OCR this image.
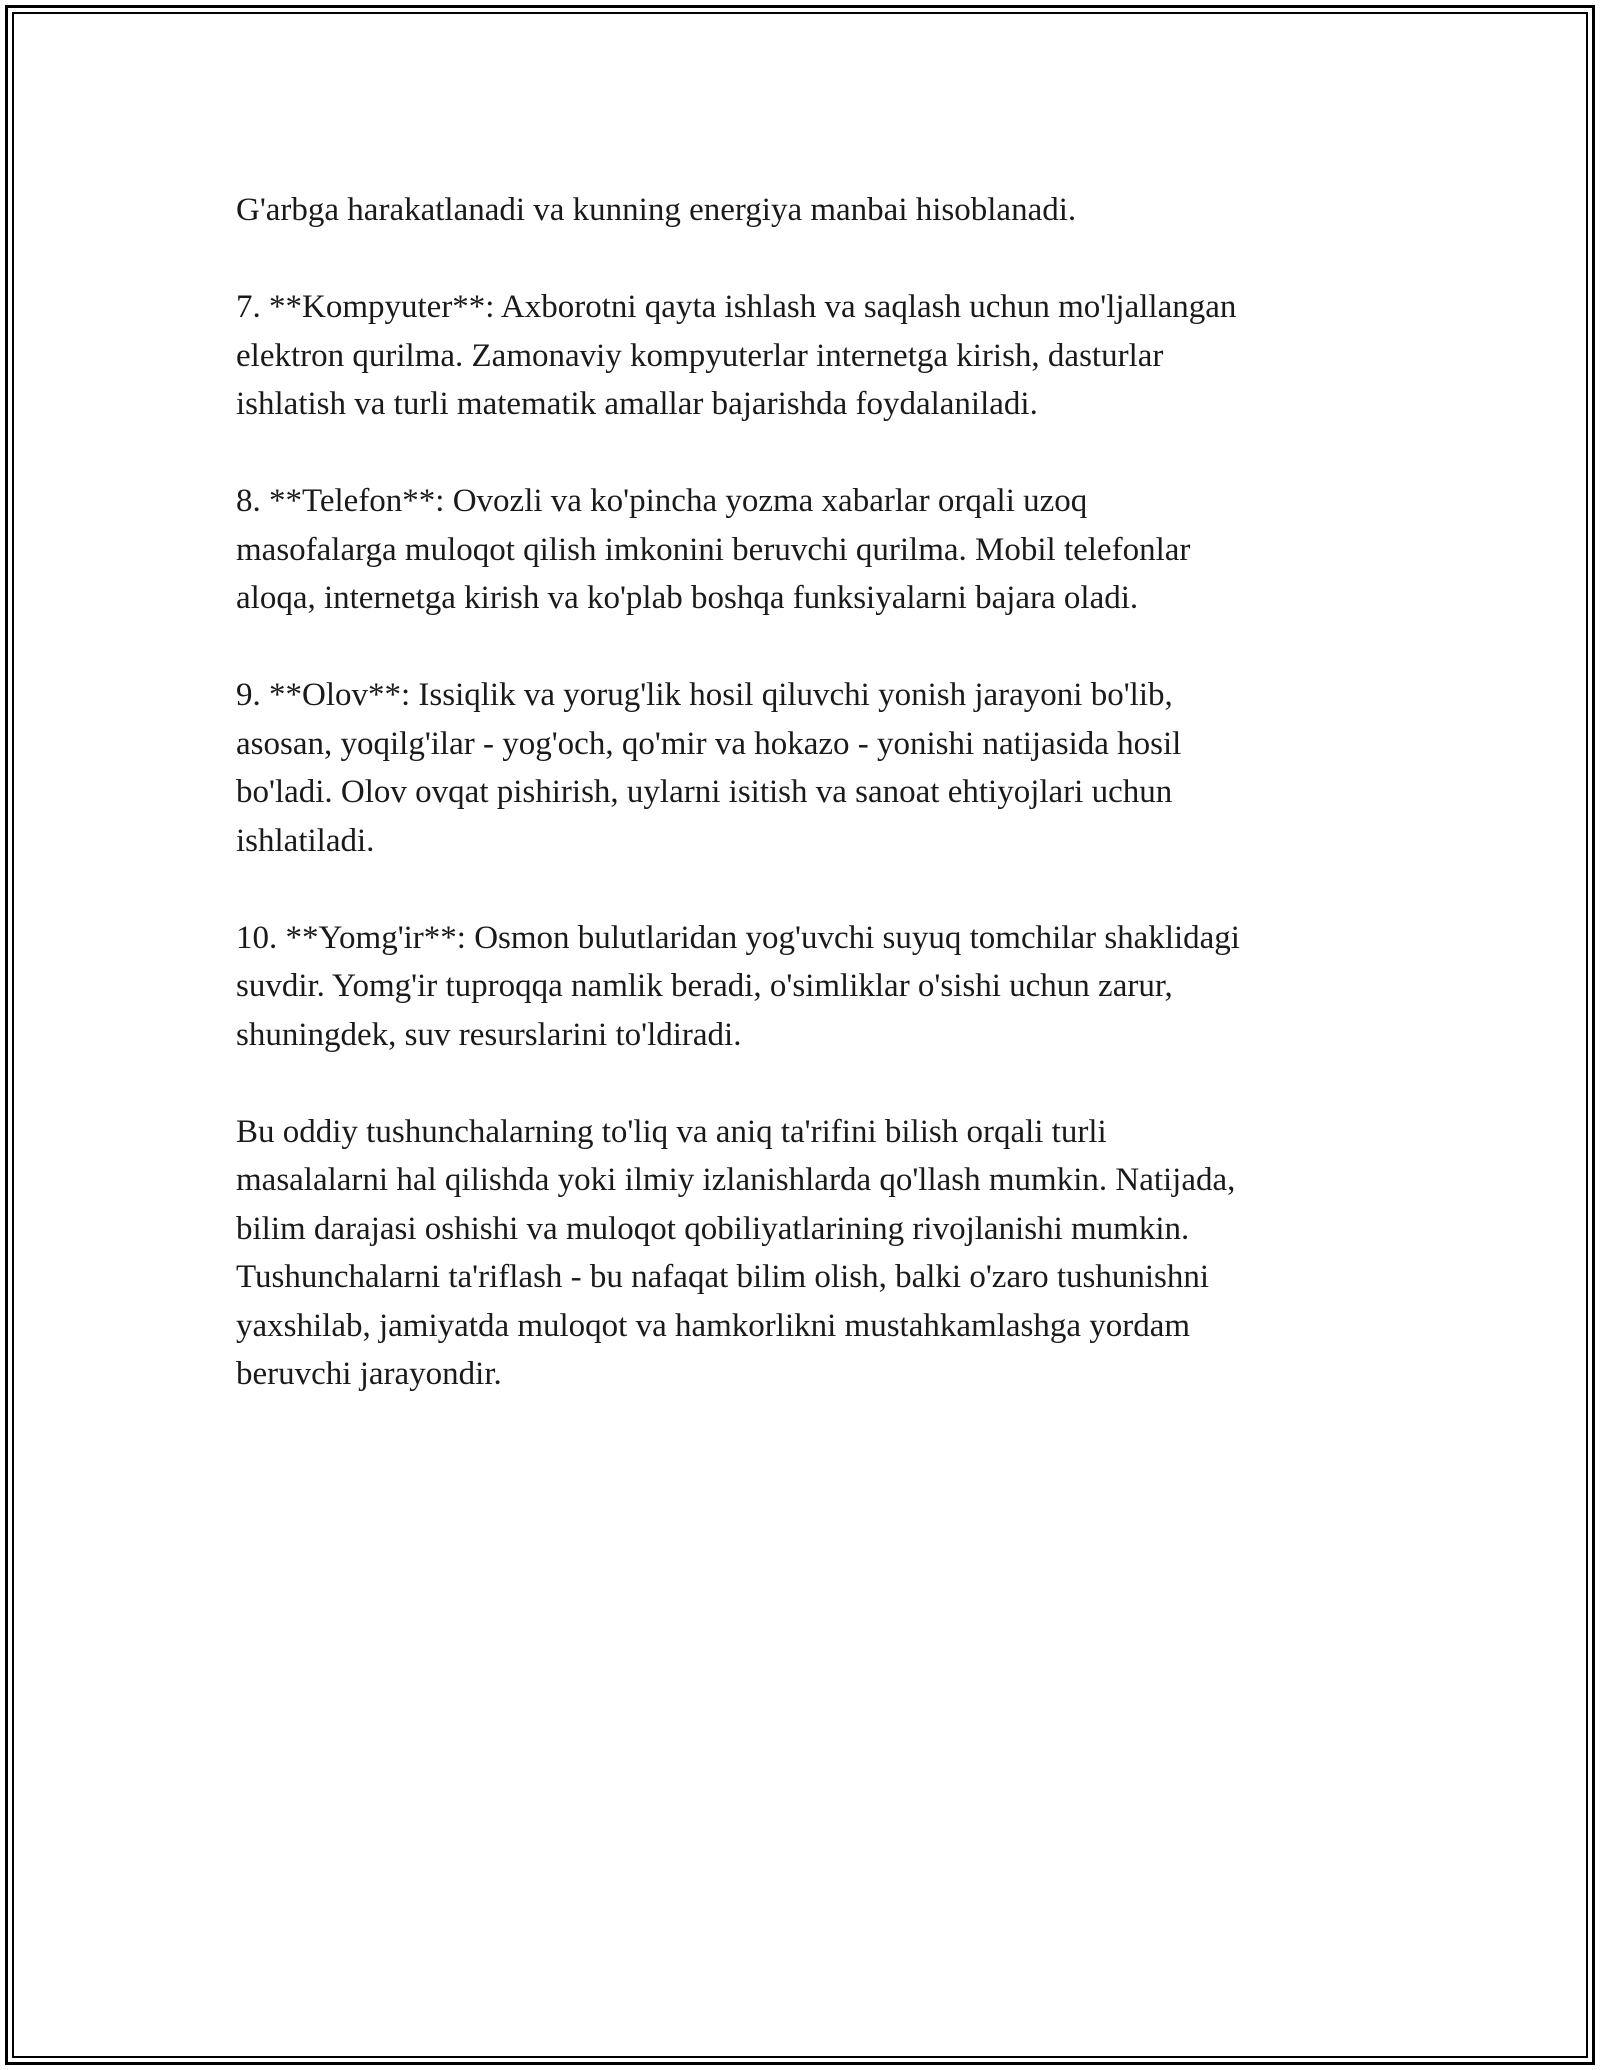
G'arbga harakatlanadi va kunning energiya manbai hisoblanadi.

7. **Kompyuter**: Axborotni qayta ishlash va saqlash uchun mo'ljallangan
elektron qurilma. Zamonaviy kompyuterlar internetga kirish, dasturlar
ishlatish va turli matematik amallar bajarishda foydalaniladi.

8. **Telefon**: Ovozli va ko'pincha yozma xabarlar orqali uzoq
masofalarga muloqot qilish imkonini beruvchi qurilma. Mobil telefonlar
aloqa, internetga kirish va ko'plab boshqa funksiyalarni bajara oladi.

9. **Olov**: Issiqlik va yorug'lik hosil qiluvchi yonish jarayoni bo'lib,
asosan, yoqilg'ilar - yog'och, qo'mir va hokazo - yonishi natijasida hosil
bo'ladi. Olov ovqat pishirish, uylarni isitish va sanoat ehtiyojlari uchun
ishlatiladi.

10. **Yomg'ir**: Osmon bulutlaridan yog'uvchi suyuq tomchilar shaklidagi
suvdir. Yomg'ir tuproqqa namlik beradi, o'simliklar o'sishi uchun zarur,
shuningdek, suv resurslarini to'ldiradi.

Bu oddiy tushunchalarning to'liq va aniq ta'rifini bilish orqali turli
masalalarni hal qilishda yoki ilmiy izlanishlarda qo'llash mumkin. Natijada,
bilim darajasi oshishi va muloqot qobiliyatlarining rivojlanishi mumkin.
Tushunchalarni ta'riflash - bu nafaqat bilim olish, balki o'zaro tushunishni
yaxshilab, jamiyatda muloqot va hamkorlikni mustahkamlashga yordam
beruvchi jarayondir.
